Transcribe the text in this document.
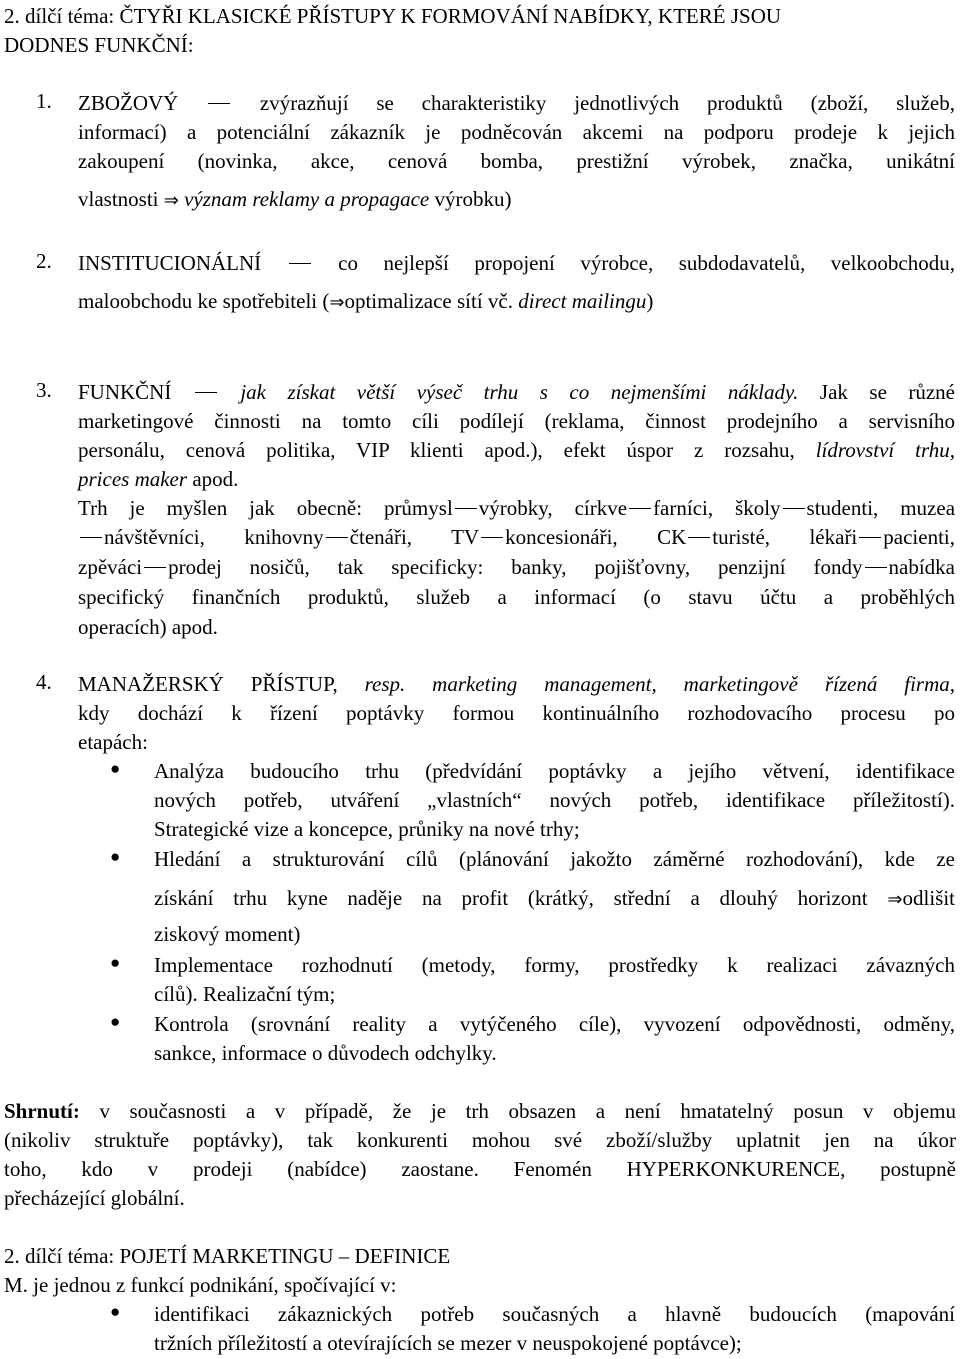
2. dílčí téma: ČTYŘI KLASICKÉ PŘÍSTUPY K FORMOVÁNÍ NABÍDKY, KTERÉ JSOU

DODNES FUNKČNÍ:

1. ZBOŽOVÝ	zvýrazňují se charakteristiky jednotlivých produktů (zboží, služeb,

informací) a potenciální zákazník je podněcován akcemi na podporu prodeje k jejich

zakoupení (novinka, akce, cenová bomba, prestižní výrobek, značka, unikátní

vlastnosti ⇒ význam reklamy a propagace výrobku)

2. INSTITUCIONÁLNÍ	co nejlepší propojení výrobce, subdodavatelů, velkoobchodu,

maloobchodu ke spotřebiteli (⇒optimalizace sítí vč. direct mailingu)

3. FUNKČNÍ	jak získat větší výseč trhu s co nejmenšími náklady. Jak se různé

marketingové činnosti na tomto cíli podílejí (reklama, činnost prodejního a servisního

personálu, cenová politika, VIP klienti apod.), efekt úspor z rozsahu, lídrovství trhu,

prices maker apod.

Trh je myšlen jak obecně: průmysl výrobky, církve farníci, školy studenti, muzea

návštěvníci, knihovny čtenáři, TV koncesionáři, CK turisté, lékaři pacienti,

zpěváci prodej nosičů, tak specificky: banky, pojišťovny, penzijní fondy nabídka

specifický finančních produktů, služeb a informací (o stavu účtu a proběhlých

operacích) apod.

4. MANAŽERSKÝ PŘÍSTUP, resp. marketing management, marketingově řízená firma,

kdy dochází k řízení poptávky formou kontinuálního rozhodovacího procesu po

etapách:

● Analýza budoucího trhu (předvídání poptávky a jejího větvení, identifikace

nových potřeb, utváření „vlastních“ nových potřeb, identifikace příležitostí).

Strategické vize a koncepce, průniky na nové trhy;

● Hledání a strukturování cílů (plánování jakožto záměrné rozhodování), kde ze

získání trhu kyne naděje na profit (krátký, střední a dlouhý horizont ⇒odlišit

ziskový moment)

● Implementace rozhodnutí (metody, formy, prostředky k realizaci závazných

cílů). Realizační tým;

● Kontrola (srovnání reality a vytýčeného cíle), vyvození odpovědnosti, odměny,

sankce, informace o důvodech odchylky.

Shrnutí: v současnosti a v případě, že je trh obsazen a není hmatatelný posun v objemu

(nikoliv struktuře poptávky), tak konkurenti mohou své zboží/služby uplatnit jen na úkor

toho, kdo v prodeji (nabídce) zaostane. Fenomén HYPERKONKURENCE, postupně

přecházející globální.

2. dílčí téma: POJETÍ MARKETINGU – DEFINICE

M. je jednou z funkcí podnikání, spočívající v:

● identifikaci zákaznických potřeb současných a hlavně budoucích (mapování

tržních příležitostí a otevírajících se mezer v neuspokojené poptávce);
